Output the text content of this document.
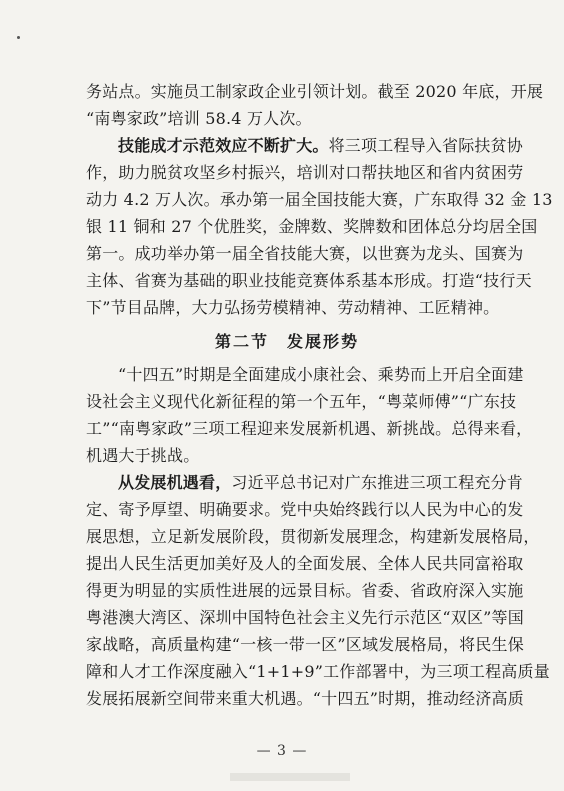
务站点。实施员工制家政企业引领计划。截至 2020 年底，开展
“南粤家政”培训 58.4 万人次。
技能成才示范效应不断扩大。将三项工程导入省际扶贫协
作，助力脱贫攻坚乡村振兴，培训对口帮扶地区和省内贫困劳
动力 4.2 万人次。承办第一届全国技能大赛，广东取得 32 金 13
银 11 铜和 27 个优胜奖，金牌数、奖牌数和团体总分均居全国
第一。成功举办第一届全省技能大赛，以世赛为龙头、国赛为
主体、省赛为基础的职业技能竞赛体系基本形成。打造“技行天
下”节目品牌，大力弘扬劳模精神、劳动精神、工匠精神。
第二节　发展形势
“十四五”时期是全面建成小康社会、乘势而上开启全面建
设社会主义现代化新征程的第一个五年，“粤菜师傅”“广东技
工”“南粤家政”三项工程迎来发展新机遇、新挑战。总得来看，
机遇大于挑战。
从发展机遇看，习近平总书记对广东推进三项工程充分肯
定、寄予厚望、明确要求。党中央始终践行以人民为中心的发
展思想，立足新发展阶段，贯彻新发展理念，构建新发展格局，
提出人民生活更加美好及人的全面发展、全体人民共同富裕取
得更为明显的实质性进展的远景目标。省委、省政府深入实施
粤港澳大湾区、深圳中国特色社会主义先行示范区“双区”等国
家战略，高质量构建“一核一带一区”区域发展格局，将民生保
障和人才工作深度融入“1+1+9”工作部署中，为三项工程高质量
发展拓展新空间带来重大机遇。“十四五”时期，推动经济高质
— 3 —
